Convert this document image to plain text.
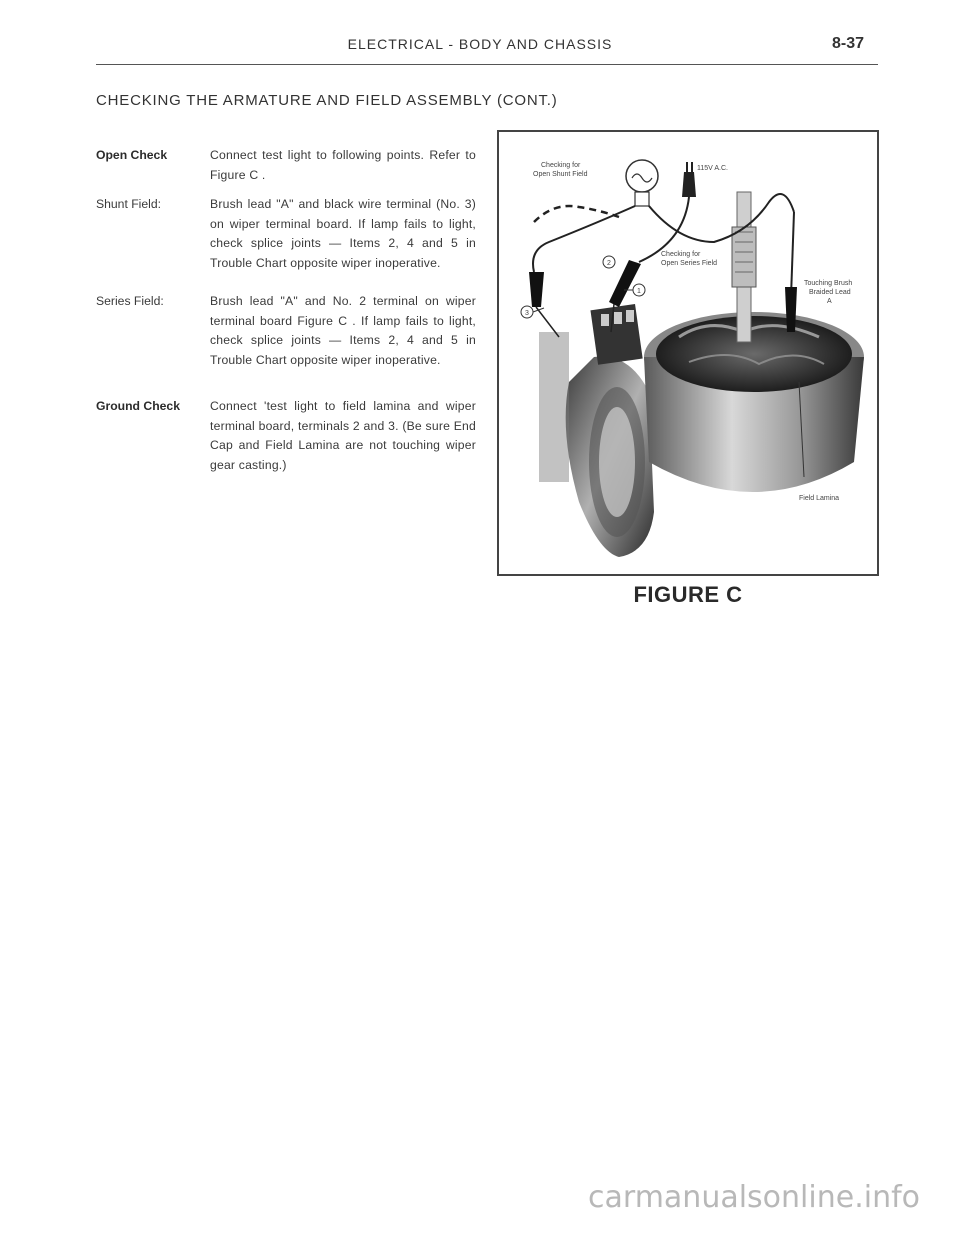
ELECTRICAL - BODY AND CHASSIS	8-37
CHECKING THE ARMATURE AND FIELD ASSEMBLY (CONT.)
Open Check	Connect test light to following points. Refer to Figure C .
Shunt Field:	Brush lead "A" and black wire terminal (No. 3) on wiper terminal board. If lamp fails to light, check splice joints — Items 2, 4 and 5 in Trouble Chart opposite wiper inoperative.
Series Field:	Brush lead "A" and No. 2 terminal on wiper terminal board Figure C . If lamp fails to light, check splice joints — Items 2, 4 and 5 in Trouble Chart opposite wiper inoperative.
Ground Check	Connect 'test light to field lamina and wiper terminal board, terminals 2 and 3. (Be sure End Cap and Field Lamina are not touching wiper gear casting.)
2
1
3
Checking for
Open Shunt Field
115V A.C.
Checking for
Open Series Field
Touching Brush
Braided Lead
A
Field Lamina
FIGURE C
carmanualsonline.info
